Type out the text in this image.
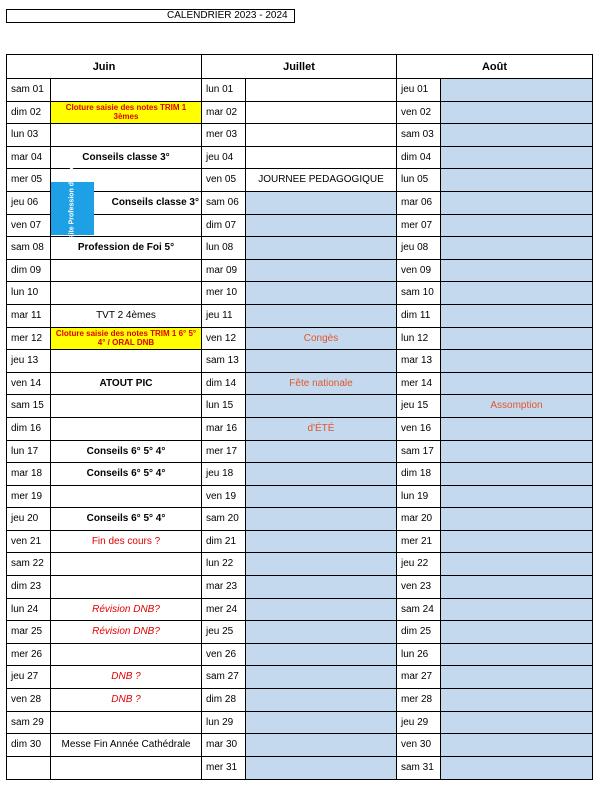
CALENDRIER 2023 - 2024
Juin
sam 01
dim 02	Cloture saisie des notes TRIM 1 3èmes
lun 03
mar 04	Conseils classe 3°
mer 05
jeu 06	Conseils classe 3°
ven 07
sam 08	Profession de Foi 5°
dim 09
lun 10
mar 11	TVT 2 4èmes
mer 12	Cloture saisie des notes TRIM 1 6° 5° 4° / ORAL DNB
jeu 13
ven 14	ATOUT PIC
sam 15
dim 16
lun 17	Conseils 6° 5° 4°
mar 18	Conseils 6° 5° 4°
mer 19
jeu 20	Conseils 6° 5° 4°
ven 21	Fin des cours ?
sam 22
dim 23
lun 24	Révision DNB?
mar 25	Révision DNB?
mer 26
jeu 27	DNB ?
ven 28	DNB ?
sam 29
dim 30	Messe Fin Année Cathédrale
Juillet
lun 01
mar 02
mer 03
jeu 04
ven 05	JOURNEE PEDAGOGIQUE
sam 06
dim 07
lun 08
mar 09
mer 10
jeu 11
ven 12	Congès
sam 13
dim 14	Fête nationale
lun 15
mar 16	d'ÉTÉ
mer 17
jeu 18
ven 19
sam 20
dim 21
lun 22
mar 23
mer 24
jeu 25
ven 26
sam 27
dim 28
lun 29
mar 30
mer 31
Août
jeu 01
ven 02
sam 03
dim 04
lun 05
mar 06
mer 07
jeu 08
ven 09
sam 10
dim 11
lun 12
mar 13
mer 14
jeu 15	Assomption
ven 16
sam 17
dim 18
lun 19
mar 20
mer 21
jeu 22
ven 23
sam 24
dim 25
lun 26
mar 27
mer 28
jeu 29
ven 30
sam 31
Retraite Profession de Foi
